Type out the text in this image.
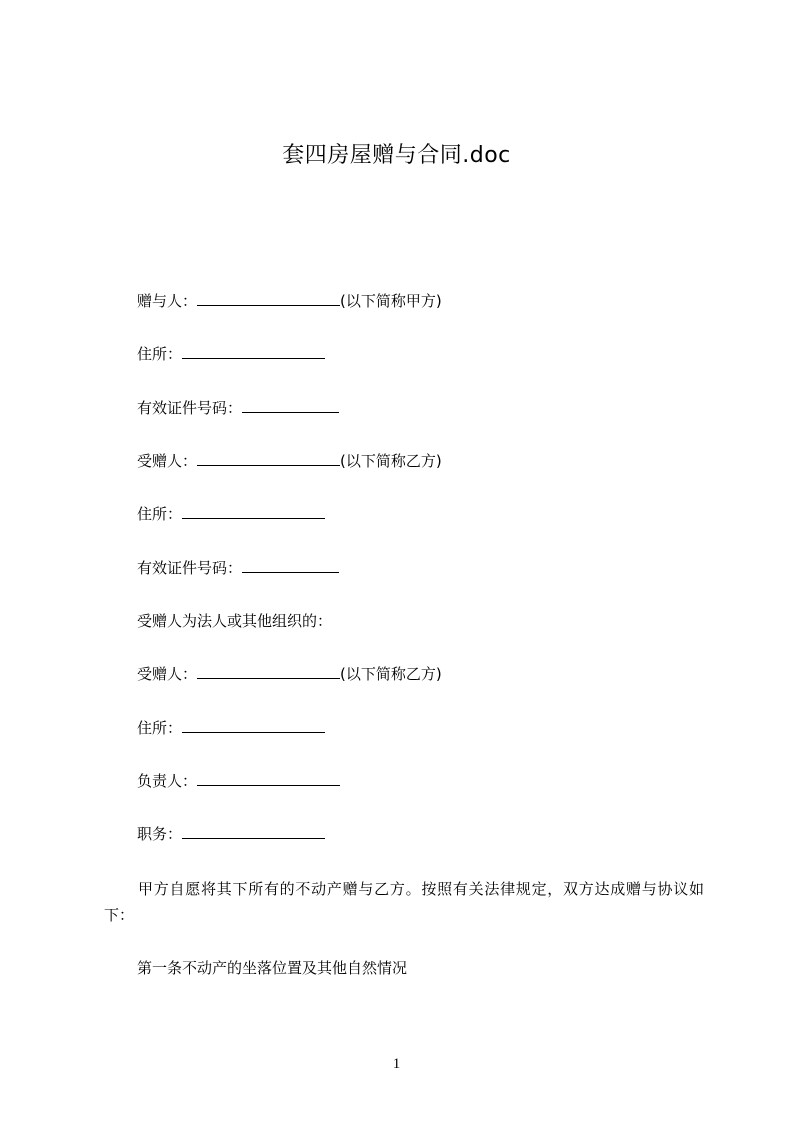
套四房屋赠与合同.doc
赠与人：	(以下简称甲方)
住所：
有效证件号码：
受赠人：	(以下简称乙方)
住所：
有效证件号码：
受赠人为法人或其他组织的：
受赠人：	(以下简称乙方)
住所：
负责人：
职务：
甲方自愿将其下所有的不动产赠与乙方。按照有关法律规定，双方达成赠与协议如下：
第一条不动产的坐落位置及其他自然情况
1
